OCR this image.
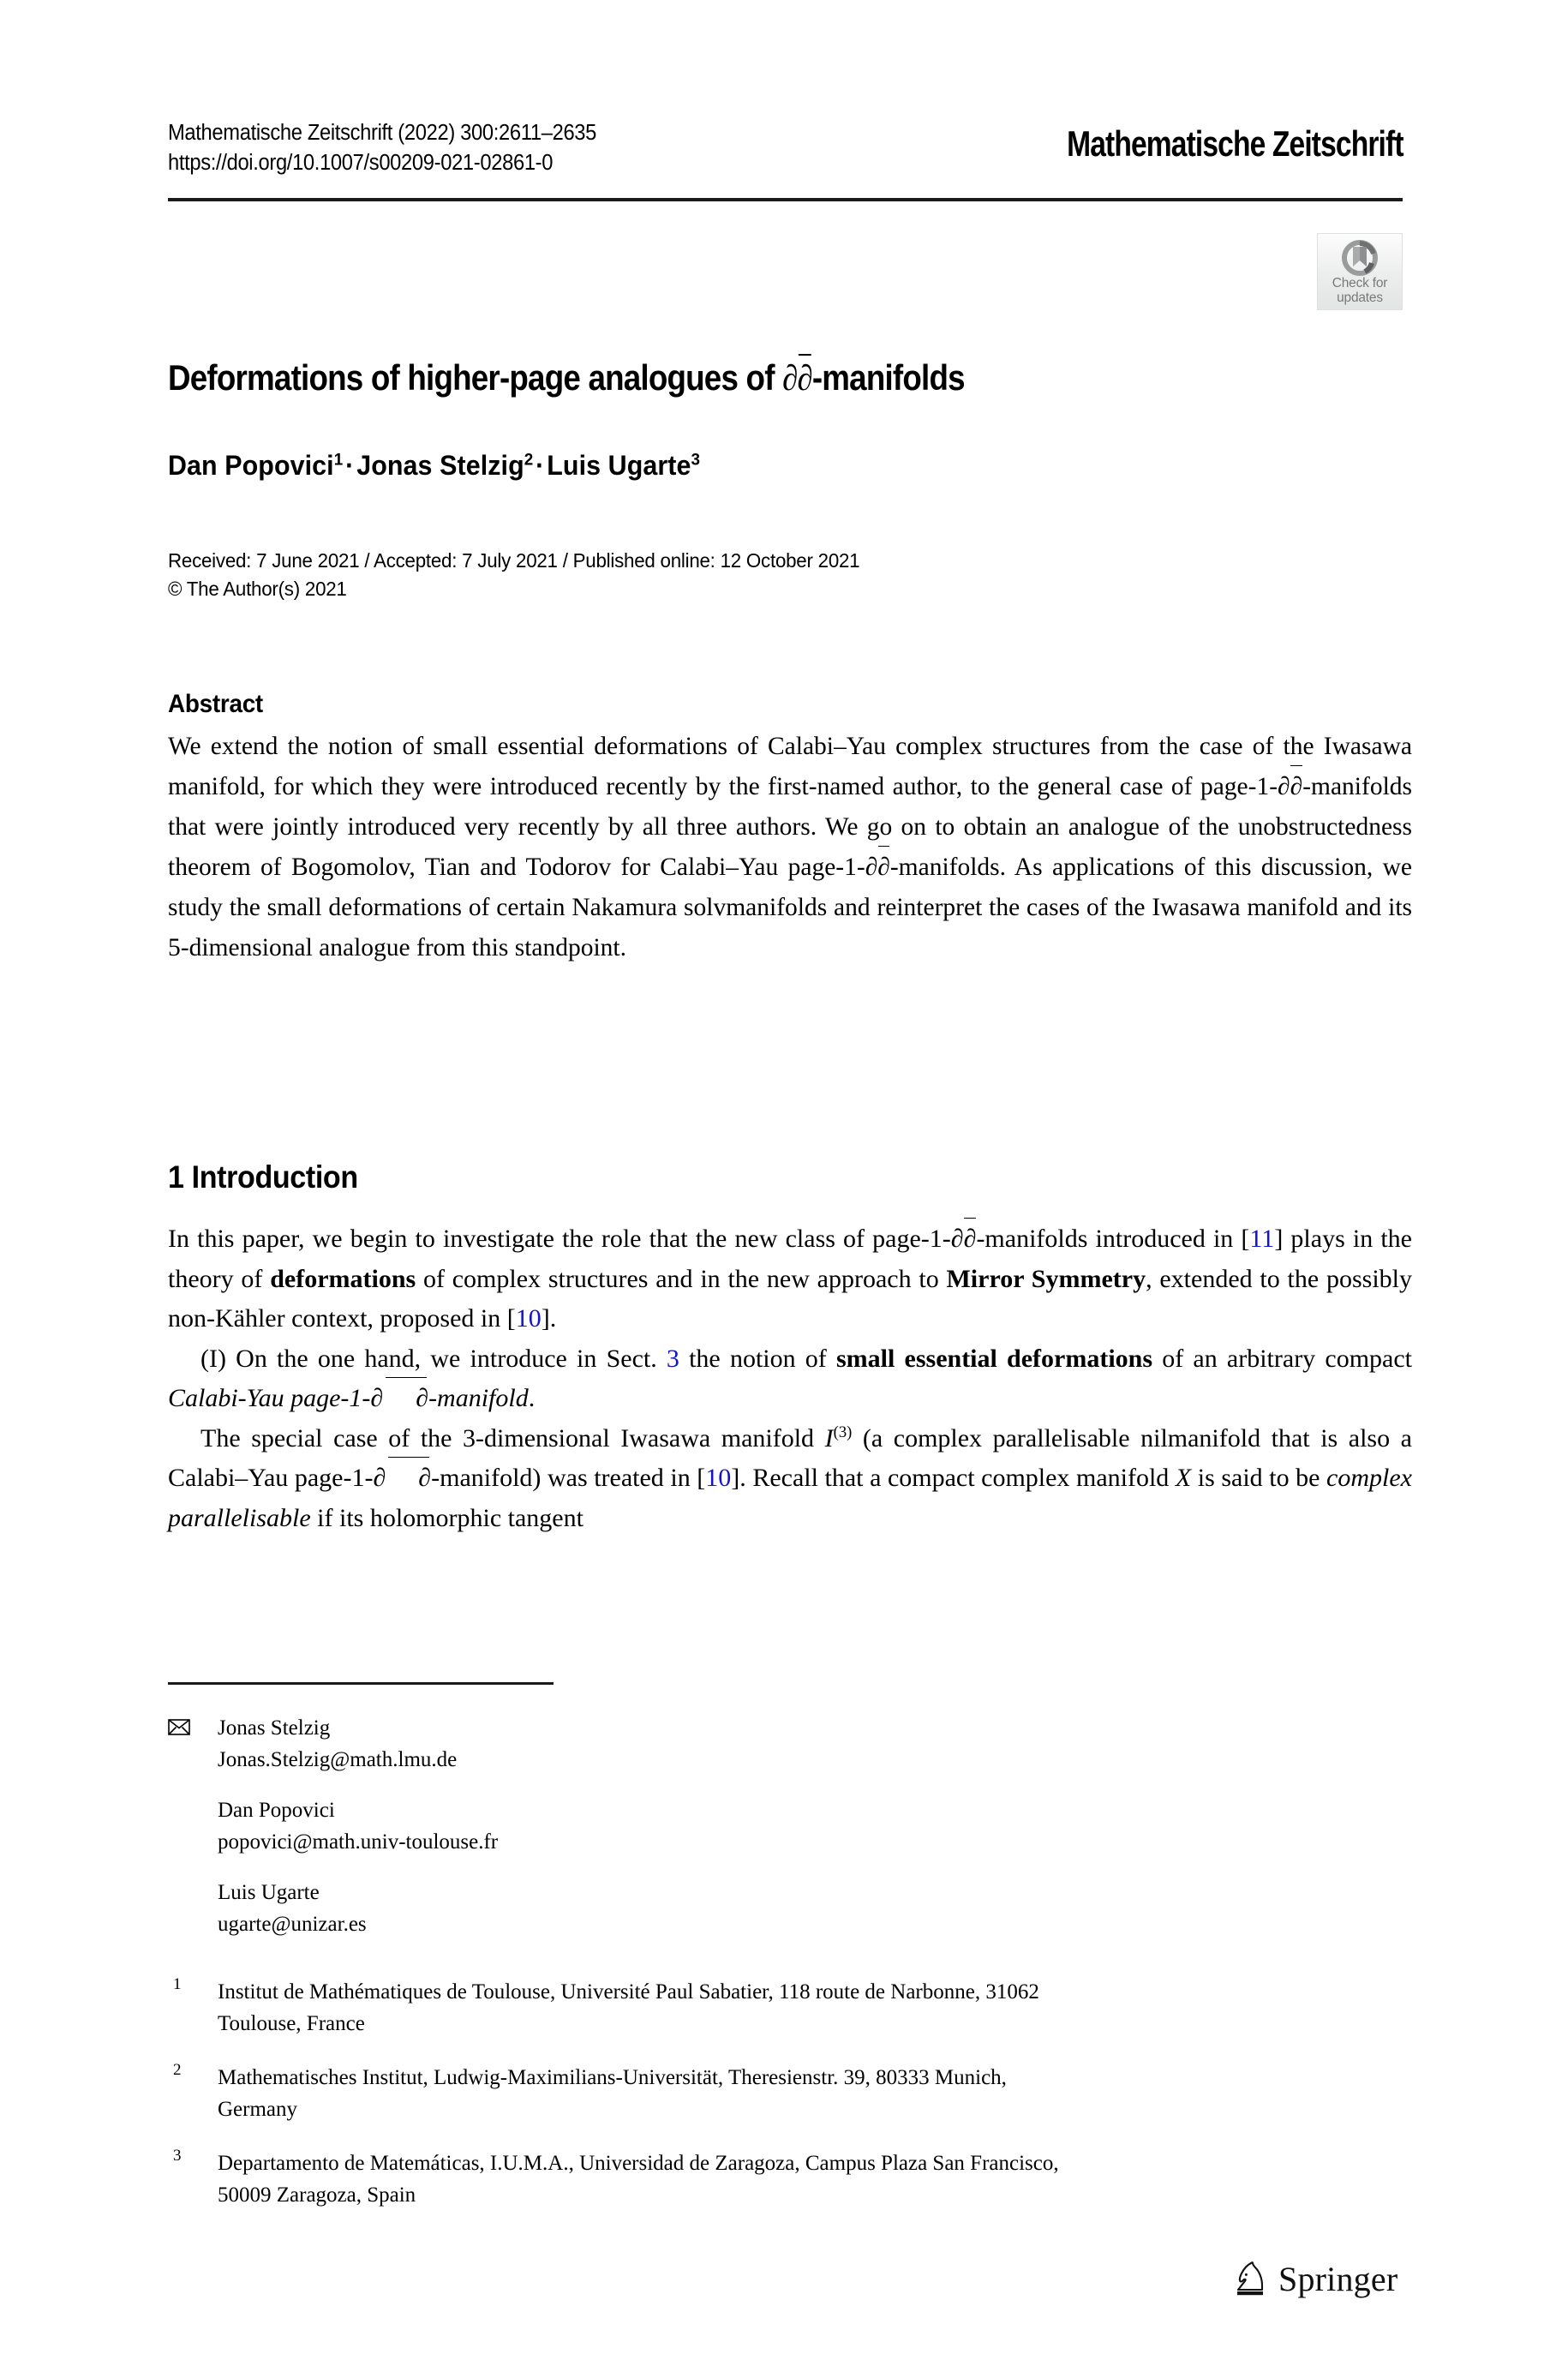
Mathematische Zeitschrift (2022) 300:2611–2635
https://doi.org/10.1007/s00209-021-02861-0	Mathematische Zeitschrift
Check for
updates
Deformations of higher-page analogues of ∂∂-manifolds
Dan Popovici$^1$·Jonas Stelzig$^2$·Luis Ugarte$^3$
Received: 7 June 2021 / Accepted: 7 July 2021 / Published online: 12 October 2021
© The Author(s) 2021
Abstract
We extend the notion of small essential deformations of Calabi–Yau complex structures from the case of the Iwasawa manifold, for which they were introduced recently by the first-named author, to the general case of page-1-∂∂-manifolds that were jointly introduced very recently by all three authors. We go on to obtain an analogue of the unobstructedness theorem of Bogomolov, Tian and Todorov for Calabi–Yau page-1-∂∂-manifolds. As applications of this discussion, we study the small deformations of certain Nakamura solvmanifolds and reinterpret the cases of the Iwasawa manifold and its 5-dimensional analogue from this standpoint.
1 Introduction

In this paper, we begin to investigate the role that the new class of page-1-∂∂-manifolds introduced in [11] plays in the theory of deformations of complex structures and in the new approach to Mirror Symmetry, extended to the possibly non-Kähler context, proposed in [10].

(I) On the one hand, we introduce in Sect. 3 the notion of small essential deformations of an arbitrary compact Calabi-Yau page-1-∂ ∂-manifold.

The special case of the 3-dimensional Iwasawa manifold $I^{(3)}$ (a complex parallelisable nilmanifold that is also a Calabi–Yau page-1-∂ ∂-manifold) was treated in [10]. Recall that a compact complex manifold X is said to be complex parallelisable if its holomorphic tangent

Jonas Stelzig
Jonas.Stelzig@math.lmu.de
Dan Popovici
popovici@math.univ-toulouse.fr
Luis Ugarte
ugarte@unizar.es
1 Institut de Mathématiques de Toulouse, Université Paul Sabatier, 118 route de Narbonne, 31062
Toulouse, France
2 Mathematisches Institut, Ludwig-Maximilians-Universität, Theresienstr. 39, 80333 Munich,
Germany
3 Departamento de Matemáticas, I.U.M.A., Universidad de Zaragoza, Campus Plaza San Francisco,
50009 Zaragoza, Spain
Springer
